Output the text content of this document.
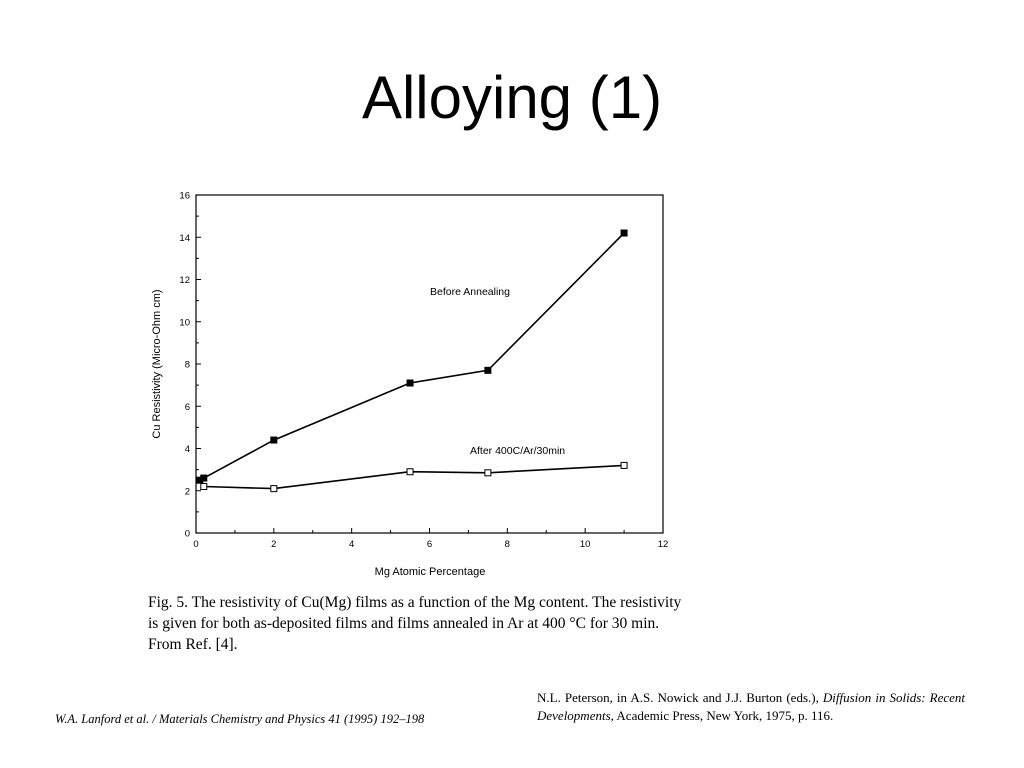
Alloying (1)
0	2	4	6	8	10	12
0
2
4
6
8
10
12
14
16
Mg Atomic Percentage
Cu Resistivity (Micro-Ohm cm)	Before Annealing
After 400C/Ar/30min

Fig. 5. The resistivity of Cu(Mg) films as a function of the Mg content. The resistivity is given for both as-deposited films and films annealed in Ar at 400 °C for 30 min. From Ref. [4].

W.A. Lanford et al. / Materials Chemistry and Physics 41 (1995) 192–198
N.L. Peterson, in A.S. Nowick and J.J. Burton (eds.), Diffusion in Solids: Recent Developments, Academic Press, New York, 1975, p. 116.
